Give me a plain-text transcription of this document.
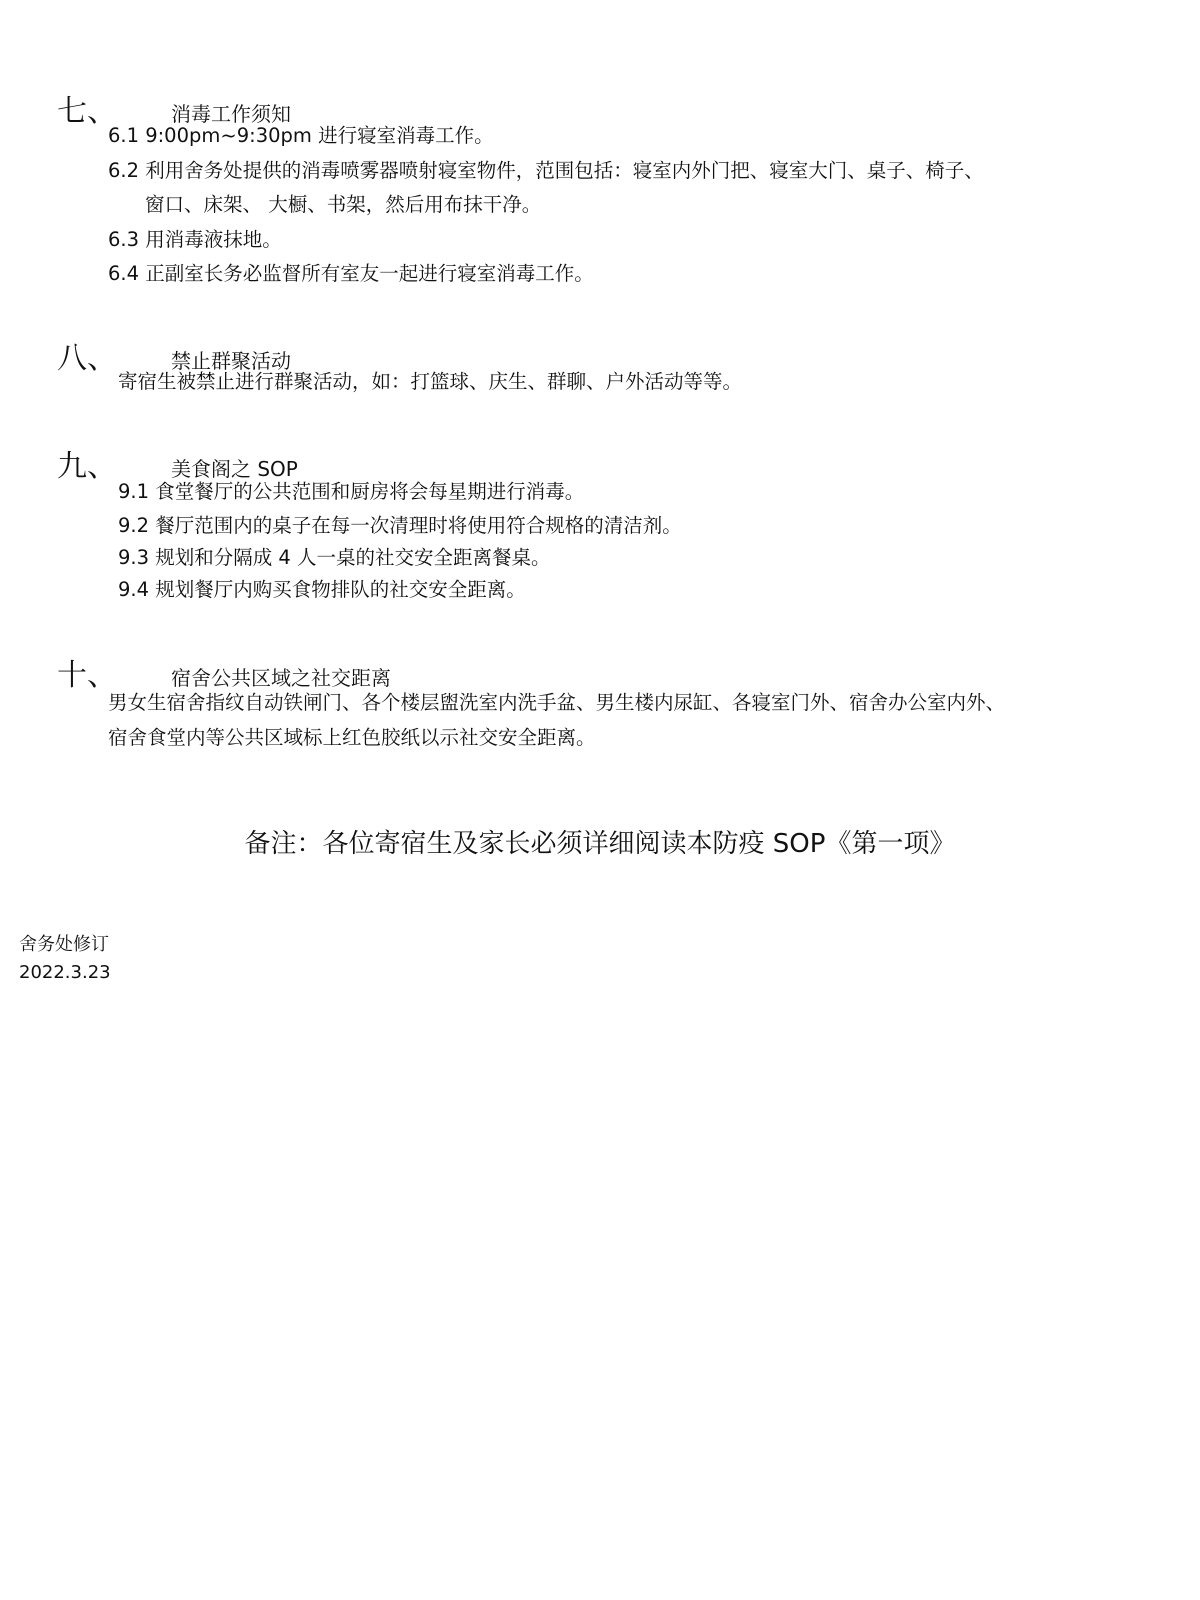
七、	消毒工作须知
6.1 9:00pm~9:30pm 进行寝室消毒工作。
6.2 利用舍务处提供的消毒喷雾器喷射寝室物件，范围包括：寝室内外门把、寝室大门、桌子、椅子、
窗口、床架、 大橱、书架，然后用布抹干净。
6.3 用消毒液抹地。
6.4 正副室长务必监督所有室友一起进行寝室消毒工作。
八、	禁止群聚活动
寄宿生被禁止进行群聚活动，如：打篮球、庆生、群聊、户外活动等等。
九、	美食阁之 SOP
9.1 食堂餐厅的公共范围和厨房将会每星期进行消毒。
9.2 餐厅范围内的桌子在每一次清理时将使用符合规格的清洁剂。
9.3 规划和分隔成 4 人一桌的社交安全距离餐桌。
9.4 规划餐厅内购买食物排队的社交安全距离。
十、	宿舍公共区域之社交距离
男女生宿舍指纹自动铁闸门、各个楼层盥洗室内洗手盆、男生楼内尿缸、各寝室门外、宿舍办公室内外、
宿舍食堂内等公共区域标上红色胶纸以示社交安全距离。
备注：各位寄宿生及家长必须详细阅读本防疫 SOP《第一项》
舍务处修订
2022.3.23
